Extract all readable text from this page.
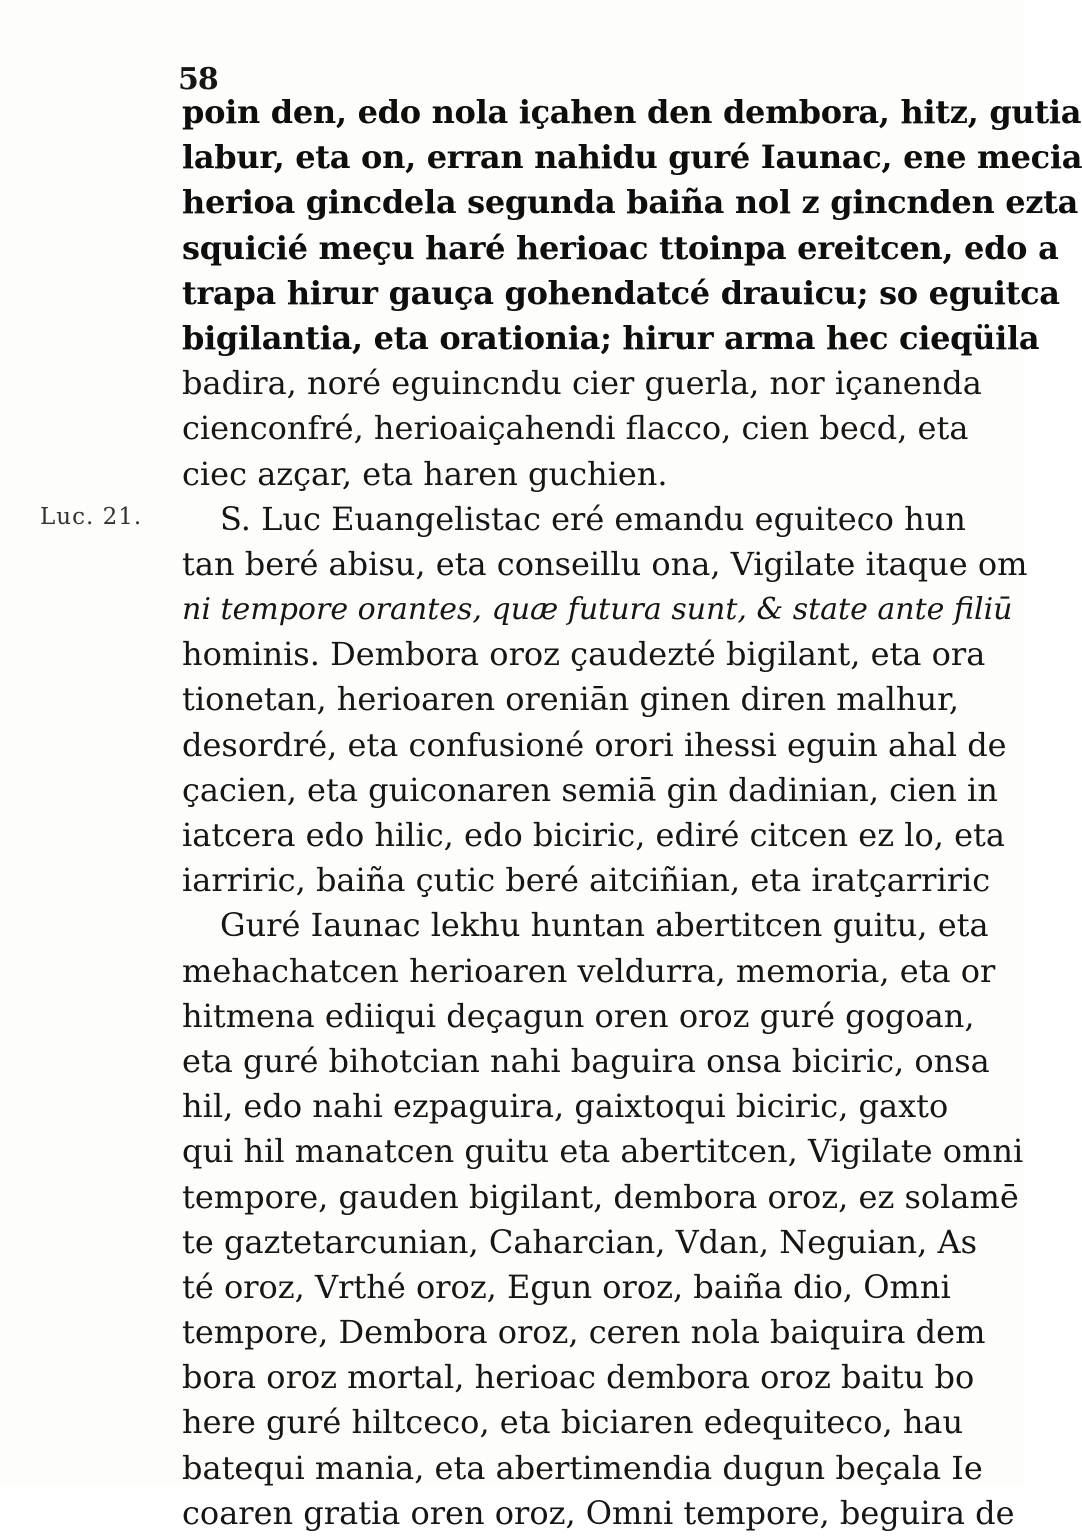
58
Luc. 21.
poin den, edo nola içahen den dembora, hitz, gutia
labur, eta on, erran nahidu guré Iaunac, ene mecia
herioa gincdela segunda baiña nol z gincnden ezta
squicié meçu haré herioac ttoinpa ereitcen, edo a
trapa hirur gauça gohendatcé drauicu; so eguitca
bigilantia, eta orationia; hirur arma hec cieqüila
badira, noré eguincndu cier guerla, nor içanenda
cienconfré, herioaiçahendi flacco, cien becd, eta
ciec azçar, eta haren guchien.
S. Luc Euangelistac eré emandu eguiteco hun
tan beré abisu, eta conseillu ona, Vigilate itaque om
ni tempore orantes, quæ futura sunt, & state ante filiū
hominis. Dembora oroz çaudezté bigilant, eta ora
tionetan, herioaren oreniān ginen diren malhur,
desordré, eta confusioné orori ihessi eguin ahal de
çacien, eta guiconaren semiā gin dadinian, cien in
iatcera edo hilic, edo biciric, ediré citcen ez lo, eta
iarriric, baiña çutic beré aitciñian, eta iratçarriric
Guré Iaunac lekhu huntan abertitcen guitu, eta
mehachatcen herioaren veldurra, memoria, eta or
hitmena ediiqui deçagun oren oroz guré gogoan,
eta guré bihotcian nahi baguira onsa biciric, onsa
hil, edo nahi ezpaguira, gaixtoqui biciric, gaxto
qui hil manatcen guitu eta abertitcen, Vigilate omni
tempore, gauden bigilant, dembora oroz, ez solamē
te gaztetarcunian, Caharcian, Vdan, Neguian, As
té oroz, Vrthé oroz, Egun oroz, baiña dio, Omni
tempore, Dembora oroz, ceren nola baiquira dem
bora oroz mortal, herioac dembora oroz baitu bo
here guré hiltceco, eta biciaren edequiteco, hau
batequi mania, eta abertimendia dugun beçala Ie
coaren gratia oren oroz, Omni tempore, beguira de
